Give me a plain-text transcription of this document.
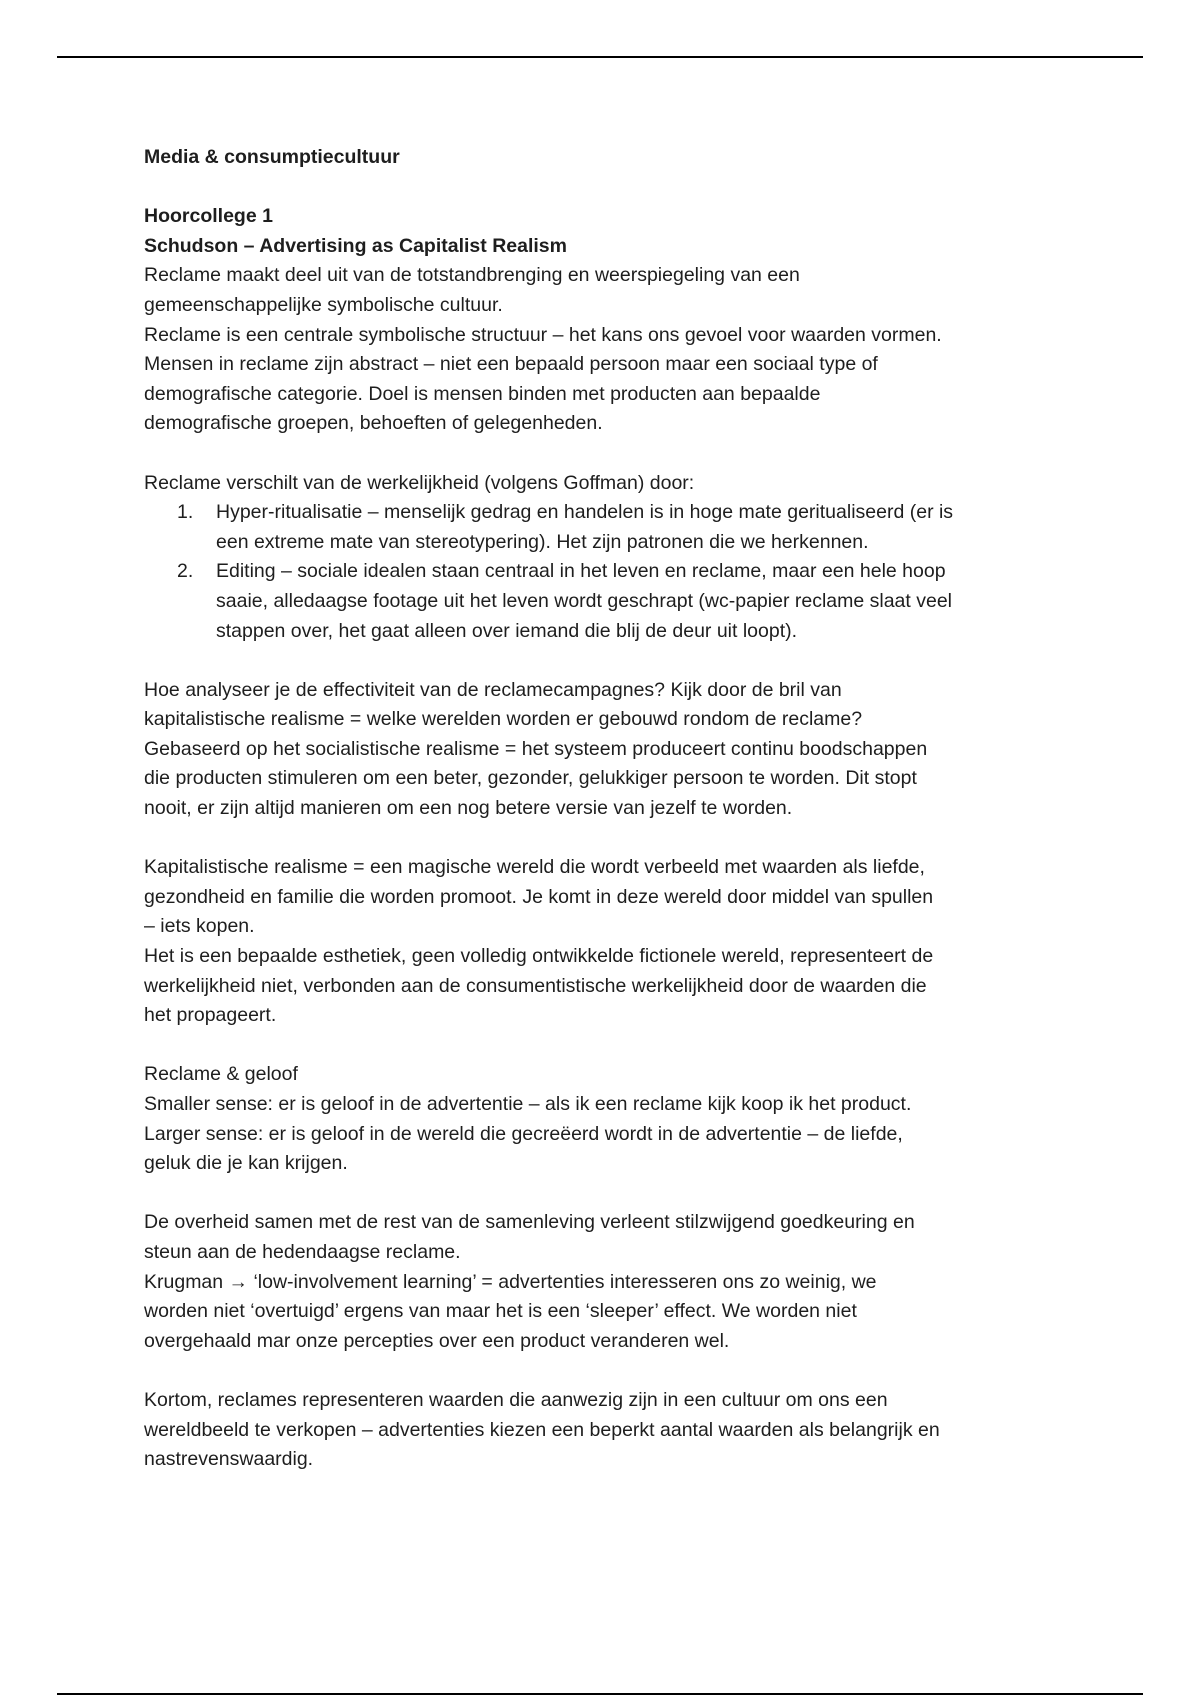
Media & consumptiecultuur

Hoorcollege 1

Schudson – Advertising as Capitalist Realism

Reclame maakt deel uit van de totstandbrenging en weerspiegeling van een

gemeenschappelijke symbolische cultuur.

Reclame is een centrale symbolische structuur – het kans ons gevoel voor waarden vormen.

Mensen in reclame zijn abstract – niet een bepaald persoon maar een sociaal type of

demografische categorie. Doel is mensen binden met producten aan bepaalde

demografische groepen, behoeften of gelegenheden.

Reclame verschilt van de werkelijkheid (volgens Goffman) door:

1. Hyper-ritualisatie – menselijk gedrag en handelen is in hoge mate geritualiseerd (er is

een extreme mate van stereotypering). Het zijn patronen die we herkennen.

2. Editing – sociale idealen staan centraal in het leven en reclame, maar een hele hoop

saaie, alledaagse footage uit het leven wordt geschrapt (wc-papier reclame slaat veel

stappen over, het gaat alleen over iemand die blij de deur uit loopt).

Hoe analyseer je de effectiviteit van de reclamecampagnes? Kijk door de bril van

kapitalistische realisme = welke werelden worden er gebouwd rondom de reclame?

Gebaseerd op het socialistische realisme = het systeem produceert continu boodschappen

die producten stimuleren om een beter, gezonder, gelukkiger persoon te worden. Dit stopt

nooit, er zijn altijd manieren om een nog betere versie van jezelf te worden.

Kapitalistische realisme = een magische wereld die wordt verbeeld met waarden als liefde,

gezondheid en familie die worden promoot. Je komt in deze wereld door middel van spullen

– iets kopen.

Het is een bepaalde esthetiek, geen volledig ontwikkelde fictionele wereld, representeert de

werkelijkheid niet, verbonden aan de consumentistische werkelijkheid door de waarden die

het propageert.

Reclame & geloof

Smaller sense: er is geloof in de advertentie – als ik een reclame kijk koop ik het product.

Larger sense: er is geloof in de wereld die gecreëerd wordt in de advertentie – de liefde,

geluk die je kan krijgen.

De overheid samen met de rest van de samenleving verleent stilzwijgend goedkeuring en

steun aan de hedendaagse reclame.

Krugman → ‘low-involvement learning’ = advertenties interesseren ons zo weinig, we

worden niet ‘overtuigd’ ergens van maar het is een ‘sleeper’ effect. We worden niet

overgehaald mar onze percepties over een product veranderen wel.

Kortom, reclames representeren waarden die aanwezig zijn in een cultuur om ons een

wereldbeeld te verkopen – advertenties kiezen een beperkt aantal waarden als belangrijk en

nastrevenswaardig.
